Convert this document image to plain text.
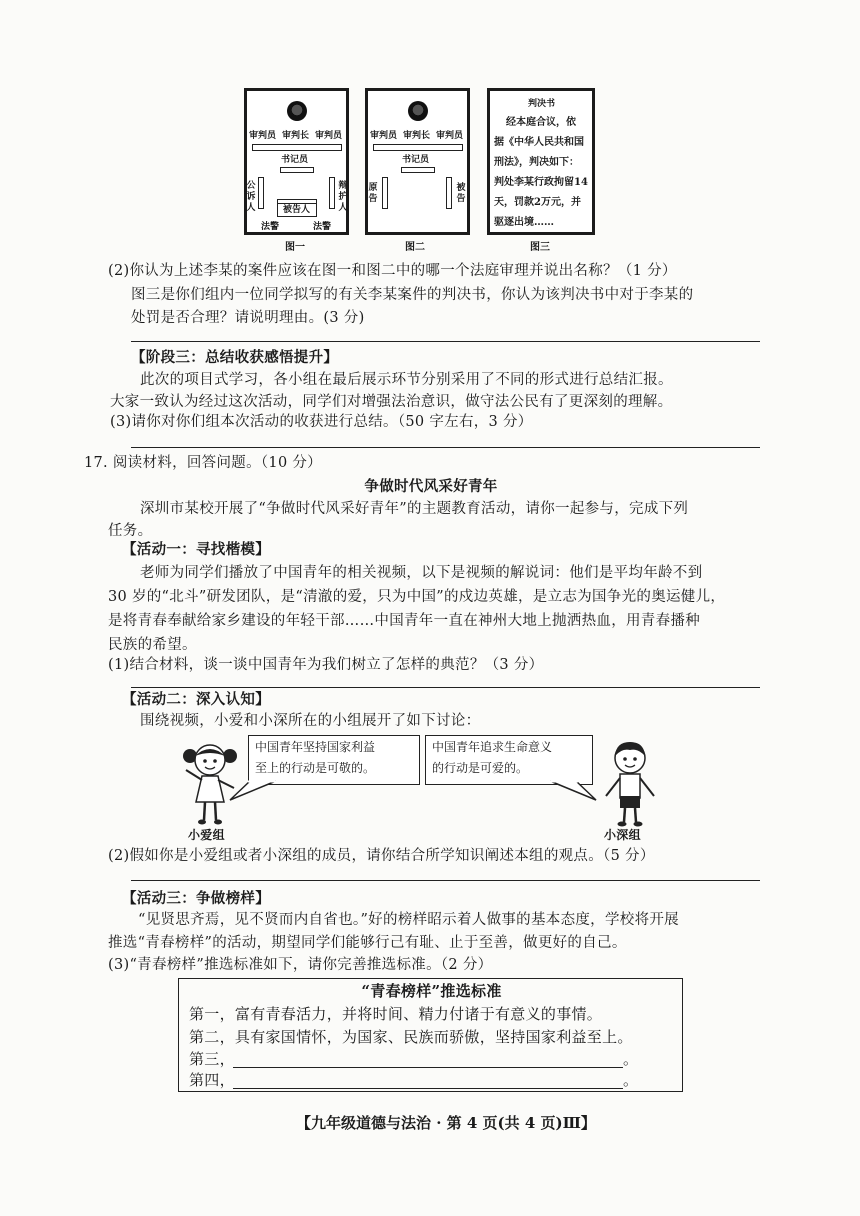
审判员 审判长 审判员
书记员
公诉人
辩护人
被告人
法警	法警
图一
审判员 审判长 审判员
书记员
原告
被告
图二
判决书
经本庭合议，依
据《中华人民共和国
刑法》，判决如下：
判处李某行政拘留14
天，罚款2万元，并
驱逐出境……
图三
(2)你认为上述李某的案件应该在图一和图二中的哪一个法庭审理并说出名称？（1 分）
图三是你们组内一位同学拟写的有关李某案件的判决书，你认为该判决书中对于李某的
处罚是否合理？请说明理由。(3 分)
【阶段三：总结收获感悟提升】
此次的项目式学习，各小组在最后展示环节分别采用了不同的形式进行总结汇报。
大家一致认为经过这次活动，同学们对增强法治意识，做守法公民有了更深刻的理解。
(3)请你对你们组本次活动的收获进行总结。（50 字左右，3 分）
17. 阅读材料，回答问题。（10 分）
争做时代风采好青年
深圳市某校开展了“争做时代风采好青年”的主题教育活动，请你一起参与，完成下列
任务。
【活动一：寻找楷模】
老师为同学们播放了中国青年的相关视频，以下是视频的解说词：他们是平均年龄不到
30 岁的“北斗”研发团队，是“清澈的爱，只为中国”的戍边英雄，是立志为国争光的奥运健儿，
是将青春奉献给家乡建设的年轻干部……中国青年一直在神州大地上抛洒热血，用青春播种
民族的希望。
(1)结合材料，谈一谈中国青年为我们树立了怎样的典范？（3 分）
【活动二：深入认知】
围绕视频，小爱和小深所在的小组展开了如下讨论：
小爱组
中国青年坚持国家利益
至上的行动是可敬的。
中国青年追求生命意义
的行动是可爱的。
小深组
(2)假如你是小爱组或者小深组的成员，请你结合所学知识阐述本组的观点。（5 分）
【活动三：争做榜样】
“见贤思齐焉，见不贤而内自省也。”好的榜样昭示着人做事的基本态度，学校将开展
推选“青春榜样”的活动，期望同学们能够行己有耻、止于至善，做更好的自己。
(3)“青春榜样”推选标准如下，请你完善推选标准。（2 分）
“青春榜样”推选标准
第一，富有青春活力，并将时间、精力付诸于有意义的事情。
第二，具有家国情怀，为国家、民族而骄傲，坚持国家利益至上。
第三，	。
第四，	。
【九年级道德与法治 · 第 4 页(共 4 页)Ⅲ】
